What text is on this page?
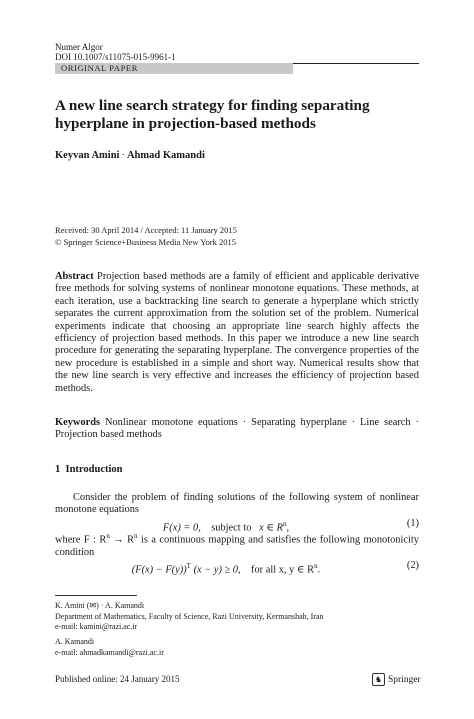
Numer Algor
DOI 10.1007/s11075-015-9961-1
ORIGINAL PAPER
A new line search strategy for finding separating hyperplane in projection-based methods
Keyvan Amini · Ahmad Kamandi
Received: 30 April 2014 / Accepted: 11 January 2015
© Springer Science+Business Media New York 2015
Abstract Projection based methods are a family of efficient and applicable derivative free methods for solving systems of nonlinear monotone equations. These methods, at each iteration, use a backtracking line search to generate a hyperplane which strictly separates the current approximation from the solution set of the problem. Numerical experiments indicate that choosing an appropriate line search highly affects the efficiency of projection based methods. In this paper we introduce a new line search procedure for generating the separating hyperplane. The convergence properties of the new procedure is established in a simple and short way. Numerical results show that the new line search is very effective and increases the efficiency of projection based methods.
Keywords Nonlinear monotone equations · Separating hyperplane · Line search · Projection based methods
1 Introduction
Consider the problem of finding solutions of the following system of nonlinear monotone equations
F(x) = 0, subject to x ∈ $R^n$,	(1)
where F : $R^n \to R^n$ is a continuous mapping and satisfies the following monotonicity condition
$(F(x) - F(y))^T$ (x − y) ≥ 0, for all x, y ∈ $R^n$.	(2)
K. Amini (✉) · A. Kamandi
Department of Mathematics, Faculty of Science, Razi University, Kermanshah, Iran
e-mail: kamini@razi.ac.ir
A. Kamandi
e-mail: ahmadkamandi@razi.ac.ir
Published online: 24 January 2015	♞ Springer
